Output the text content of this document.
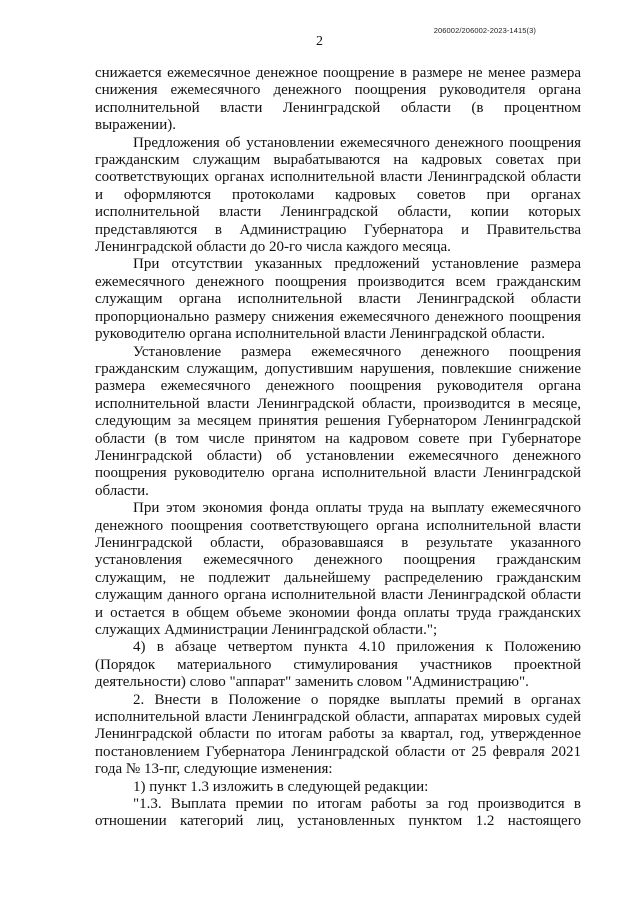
206002/206002-2023-1415(3)
2

снижается ежемесячное денежное поощрение в размере не менее размера снижения ежемесячного денежного поощрения руководителя органа исполнительной власти Ленинградской области (в процентном выражении).

Предложения об установлении ежемесячного денежного поощрения гражданским служащим вырабатываются на кадровых советах при соответствующих органах исполнительной власти Ленинградской области и оформляются протоколами кадровых советов при органах исполнительной власти Ленинградской области, копии которых представляются в Администрацию Губернатора и Правительства Ленинградской области до 20-го числа каждого месяца.

При отсутствии указанных предложений установление размера ежемесячного денежного поощрения производится всем гражданским служащим органа исполнительной власти Ленинградской области пропорционально размеру снижения ежемесячного денежного поощрения руководителю органа исполнительной власти Ленинградской области.

Установление размера ежемесячного денежного поощрения гражданским служащим, допустившим нарушения, повлекшие снижение размера ежемесячного денежного поощрения руководителя органа исполнительной власти Ленинградской области, производится в месяце, следующим за месяцем принятия решения Губернатором Ленинградской области (в том числе принятом на кадровом совете при Губернаторе Ленинградской области) об установлении ежемесячного денежного поощрения руководителю органа исполнительной власти Ленинградской области.

При этом экономия фонда оплаты труда на выплату ежемесячного денежного поощрения соответствующего органа исполнительной власти Ленинградской области, образовавшаяся в результате указанного установления ежемесячного денежного поощрения гражданским служащим, не подлежит дальнейшему распределению гражданским служащим данного органа исполнительной власти Ленинградской области и остается в общем объеме экономии фонда оплаты труда гражданских служащих Администрации Ленинградской области.";

4) в абзаце четвертом пункта 4.10 приложения к Положению (Порядок материального стимулирования участников проектной деятельности) слово "аппарат" заменить словом "Администрацию".

2. Внести в Положение о порядке выплаты премий в органах исполнительной власти Ленинградской области, аппаратах мировых судей Ленинградской области по итогам работы за квартал, год, утвержденное постановлением Губернатора Ленинградской области от 25 февраля 2021 года № 13-пг, следующие изменения:

1) пункт 1.3 изложить в следующей редакции:

"1.3. Выплата премии по итогам работы за год производится в отношении категорий лиц, установленных пунктом 1.2 настоящего
